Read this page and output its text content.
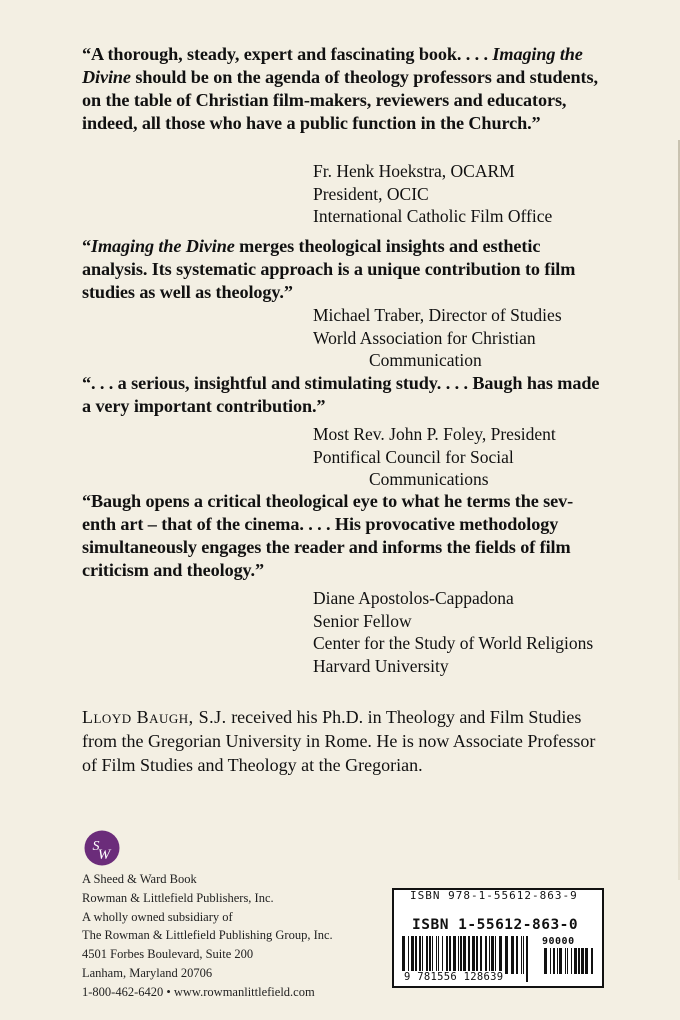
“A thorough, steady, expert and fascinating book. . . . Imaging the Divine should be on the agenda of theology professors and students, on the table of Christian film-makers, reviewers and educators, indeed, all those who have a public function in the Church.”
Fr. Henk Hoekstra, OCARM
President, OCIC
International Catholic Film Office
“Imaging the Divine merges theological insights and esthetic analysis. Its systematic approach is a unique contribution to film studies as well as theology.”
Michael Traber, Director of Studies
World Association for Christian
Communication
“. . . a serious, insightful and stimulating study. . . . Baugh has made a very important contribution.”
Most Rev. John P. Foley, President
Pontifical Council for Social
Communications
“Baugh opens a critical theological eye to what he terms the sev-enth art – that of the cinema. . . . His provocative methodology simultaneously engages the reader and informs the fields of film criticism and theology.”
Diane Apostolos-Cappadona
Senior Fellow
Center for the Study of World Religions
Harvard University
Lloyd Baugh, S.J. received his Ph.D. in Theology and Film Studies from the Gregorian University in Rome. He is now Associate Professor of Film Studies and Theology at the Gregorian.
S
W
A Sheed & Ward Book
Rowman & Littlefield Publishers, Inc.
A wholly owned subsidiary of
The Rowman & Littlefield Publishing Group, Inc.
4501 Forbes Boulevard, Suite 200
Lanham, Maryland 20706
1-800-462-6420 • www.rowmanlittlefield.com
ISBN 978-1-55612-863-9
ISBN 1-55612-863-0
90000
9 781556 128639
